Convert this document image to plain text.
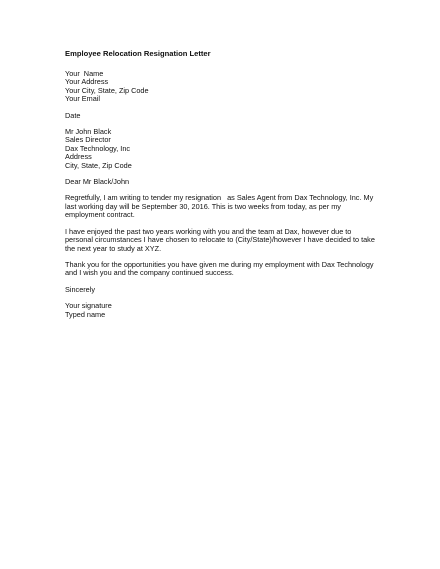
Employee Relocation Resignation Letter
Your  Name
Your Address
Your City, State, Zip Code
Your Email
Date
Mr John Black
Sales Director
Dax Technology, Inc
Address
City, State, Zip Code
Dear Mr Black/John
Regretfully, I am writing to tender my resignation   as Sales Agent from Dax Technology, Inc. My
last working day will be September 30, 2016. This is two weeks from today, as per my
employment contract.
I have enjoyed the past two years working with you and the team at Dax, however due to
personal circumstances I have chosen to relocate to (City/State)/however I have decided to take
the next year to study at XYZ.
Thank you for the opportunities you have given me during my employment with Dax Technology
and I wish you and the company continued success.
Sincerely
Your signature
Typed name
